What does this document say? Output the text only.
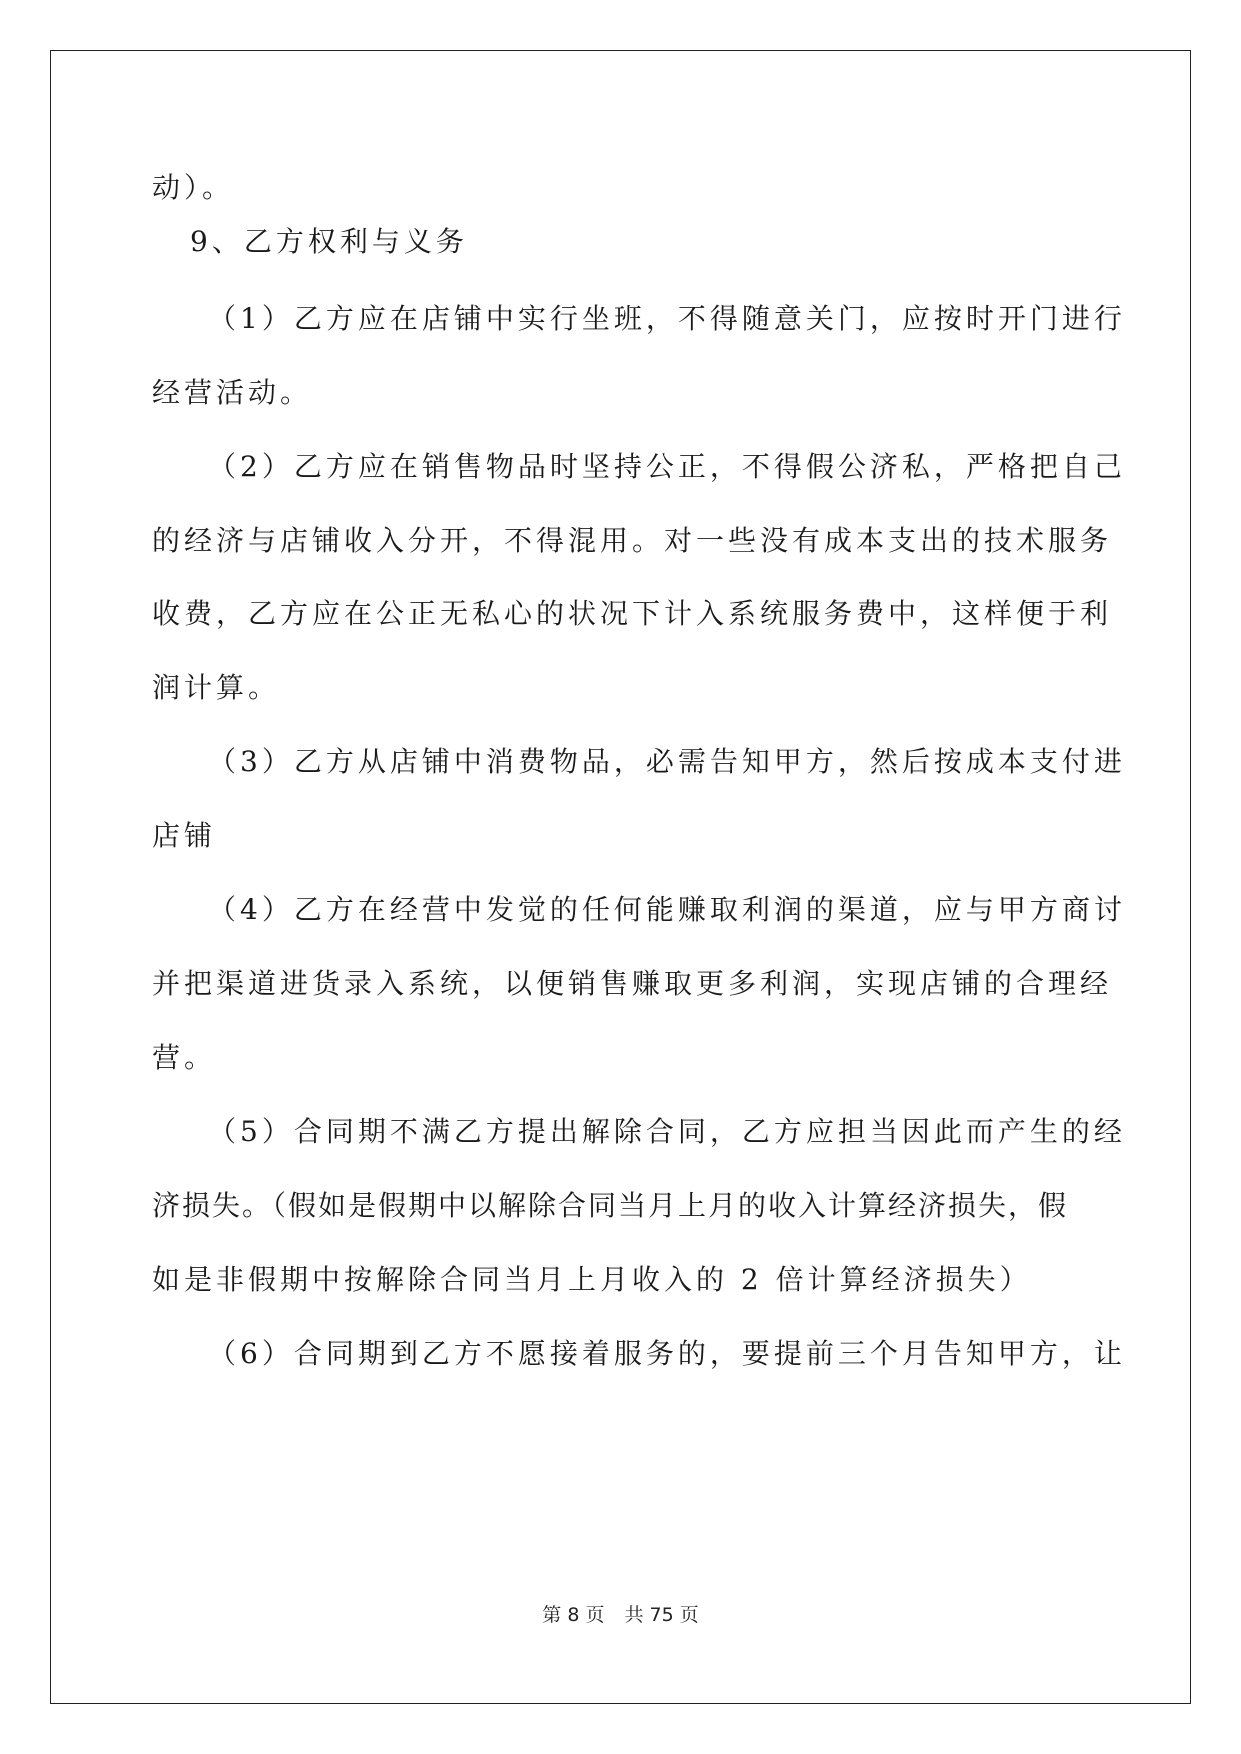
动）。
9、乙方权利与义务
（1）乙方应在店铺中实行坐班，不得随意关门，应按时开门进行
经营活动。
（2）乙方应在销售物品时坚持公正，不得假公济私，严格把自己
的经济与店铺收入分开，不得混用。对一些没有成本支出的技术服务
收费，乙方应在公正无私心的状况下计入系统服务费中，这样便于利
润计算。
（3）乙方从店铺中消费物品，必需告知甲方，然后按成本支付进
店铺
（4）乙方在经营中发觉的任何能赚取利润的渠道，应与甲方商讨
并把渠道进货录入系统，以便销售赚取更多利润，实现店铺的合理经
营。
（5）合同期不满乙方提出解除合同，乙方应担当因此而产生的经
济损失。（假如是假期中以解除合同当月上月的收入计算经济损失，假
如是非假期中按解除合同当月上月收入的 2 倍计算经济损失）
（6）合同期到乙方不愿接着服务的，要提前三个月告知甲方，让
第 8 页 共 75 页
